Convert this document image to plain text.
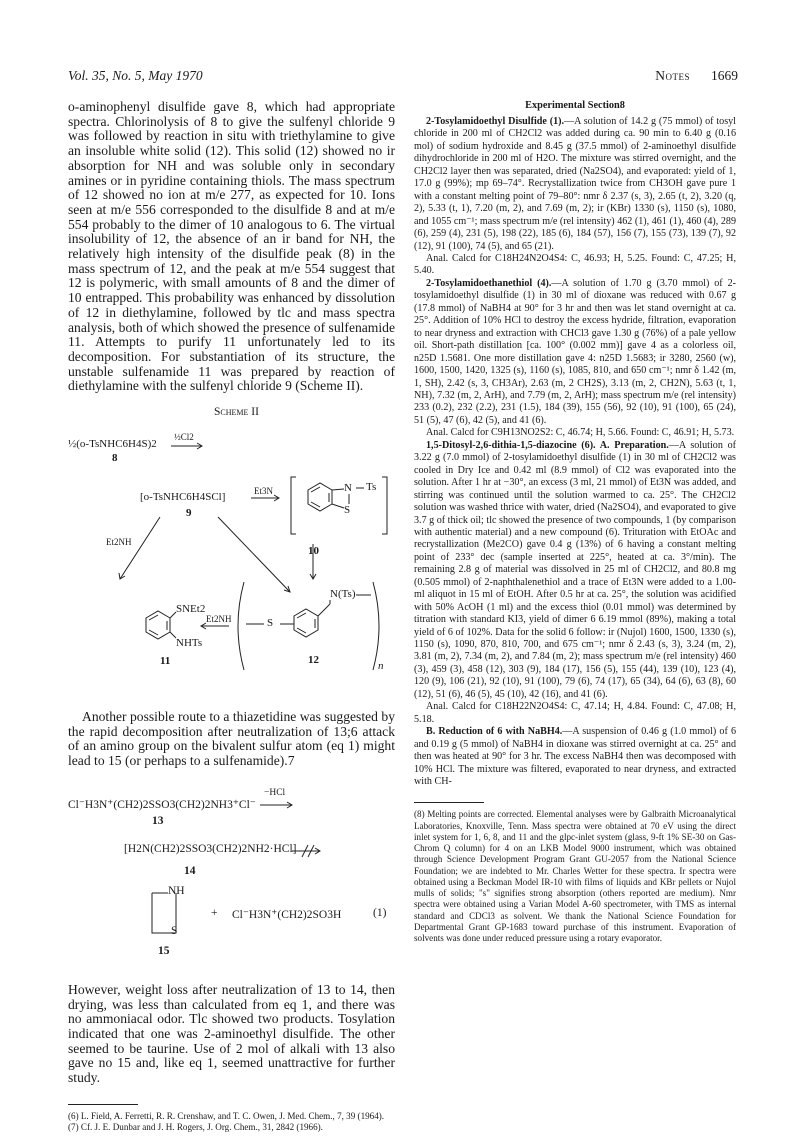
Vol. 35, No. 5, May 1970	Notes 1669

o-aminophenyl disulfide gave 8, which had appropriate spectra. Chlorinolysis of 8 to give the sulfenyl chloride 9 was followed by reaction in situ with triethylamine to give an insoluble white solid (12). This solid (12) showed no ir absorption for NH and was soluble only in secondary amines or in pyridine containing thiols. The mass spectrum of 12 showed no ion at m/e 277, as expected for 10. Ions seen at m/e 556 corresponded to the disulfide 8 and at m/e 554 probably to the dimer of 10 analogous to 6. The virtual insolubility of 12, the absence of an ir band for NH, the relatively high intensity of the disulfide peak (8) in the mass spectrum of 12, and the peak at m/e 554 suggest that 12 is polymeric, with small amounts of 8 and the dimer of 10 entrapped. This probability was enhanced by dissolution of 12 in diethylamine, followed by tlc and mass spectra analysis, both of which showed the presence of sulfenamide 11. Attempts to purify 11 unfortunately led to its decomposition. For substantiation of its structure, the unstable sulfenamide 11 was prepared by reaction of diethylamine with the sulfenyl chloride 9 (Scheme II).

Scheme II
½(o-TsNHC6H4S)2
8
½Cl2
[o-TsNHC6H4SCl]
9
Et3N	N Ts
S
10
Et2NH
Et2NH
SNEt2
NHTs
11
N(Ts)
S
n
12

Another possible route to a thiazetidine was suggested by the rapid decomposition after neutralization of 13;6 attack of an amino group on the bivalent sulfur atom (eq 1) might lead to 15 (or perhaps to a sulfenamide).7

Cl⁻H3N⁺(CH2)2SSO3(CH2)2NH3⁺Cl⁻
−HCl
13
[H2N(CH2)2SSO3(CH2)2NH2·HCl]
14
NH
S
+ Cl⁻H3N⁺(CH2)2SO3H	(1)
15

However, weight loss after neutralization of 13 to 14, then drying, was less than calculated from eq 1, and there was no ammoniacal odor. Tlc showed two products. Tosylation indicated that one was 2-aminoethyl disulfide. The other seemed to be taurine. Use of 2 mol of alkali with 13 also gave no 15 and, like eq 1, seemed unattractive for further study.

(6) L. Field, A. Ferretti, R. R. Crenshaw, and T. C. Owen, J. Med. Chem., 7, 39 (1964).

(7) Cf. J. E. Dunbar and J. H. Rogers, J. Org. Chem., 31, 2842 (1966).

Experimental Section8

2-Tosylamidoethyl Disulfide (1).—A solution of 14.2 g (75 mmol) of tosyl chloride in 200 ml of CH2Cl2 was added during ca. 90 min to 6.40 g (0.16 mol) of sodium hydroxide and 8.45 g (37.5 mmol) of 2-aminoethyl disulfide dihydrochloride in 200 ml of H2O. The mixture was stirred overnight, and the CH2Cl2 layer then was separated, dried (Na2SO4), and evaporated: yield of 1, 17.0 g (99%); mp 69–74°. Recrystallization twice from CH3OH gave pure 1 with a constant melting point of 79–80°: nmr δ 2.37 (s, 3), 2.65 (t, 2), 3.20 (q, 2), 5.33 (t, 1), 7.20 (m, 2), and 7.69 (m, 2); ir (KBr) 1330 (s), 1150 (s), 1080, and 1055 cm⁻¹; mass spectrum m/e (rel intensity) 462 (1), 461 (1), 460 (4), 289 (6), 259 (4), 231 (5), 198 (22), 185 (6), 184 (57), 156 (7), 155 (73), 139 (7), 92 (12), 91 (100), 74 (5), and 65 (21).

Anal. Calcd for C18H24N2O4S4: C, 46.93; H, 5.25. Found: C, 47.25; H, 5.40.

2-Tosylamidoethanethiol (4).—A solution of 1.70 g (3.70 mmol) of 2-tosylamidoethyl disulfide (1) in 30 ml of dioxane was reduced with 0.67 g (17.8 mmol) of NaBH4 at 90° for 3 hr and then was let stand overnight at ca. 25°. Addition of 10% HCl to destroy the excess hydride, filtration, evaporation to near dryness and extraction with CHCl3 gave 1.30 g (76%) of a pale yellow oil. Short-path distillation [ca. 100° (0.002 mm)] gave 4 as a colorless oil, n25D 1.5681. One more distillation gave 4: n25D 1.5683; ir 3280, 2560 (w), 1600, 1500, 1420, 1325 (s), 1160 (s), 1085, 810, and 650 cm⁻¹; nmr δ 1.42 (m, 1, SH), 2.42 (s, 3, CH3Ar), 2.63 (m, 2 CH2S), 3.13 (m, 2, CH2N), 5.63 (t, 1, NH), 7.32 (m, 2, ArH), and 7.79 (m, 2, ArH); mass spectrum m/e (rel intensity) 233 (0.2), 232 (2.2), 231 (1.5), 184 (39), 155 (56), 92 (10), 91 (100), 65 (24), 51 (5), 47 (6), 42 (5), and 41 (6).

Anal. Calcd for C9H13NO2S2: C, 46.74; H, 5.66. Found: C, 46.91; H, 5.73.

1,5-Ditosyl-2,6-dithia-1,5-diazocine (6). A. Preparation.—A solution of 3.22 g (7.0 mmol) of 2-tosylamidoethyl disulfide (1) in 30 ml of CH2Cl2 was cooled in Dry Ice and 0.42 ml (8.9 mmol) of Cl2 was evaporated into the solution. After 1 hr at −30°, an excess (3 ml, 21 mmol) of Et3N was added, and stirring was continued until the solution warmed to ca. 25°. The CH2Cl2 solution was washed thrice with water, dried (Na2SO4), and evaporated to give 3.7 g of thick oil; tlc showed the presence of two compounds, 1 (by comparison with authentic material) and a new compound (6). Trituration with EtOAc and recrystallization (Me2CO) gave 0.4 g (13%) of 6 having a constant melting point of 233° dec (sample inserted at 225°, heated at ca. 3°/min). The remaining 2.8 g of material was dissolved in 25 ml of CH2Cl2, and 80.8 mg (0.505 mmol) of 2-naphthalenethiol and a trace of Et3N were added to a 1.00-ml aliquot in 15 ml of EtOH. After 0.5 hr at ca. 25°, the solution was acidified with 50% AcOH (1 ml) and the excess thiol (0.01 mmol) was determined by titration with standard KI3, yield of dimer 6 6.19 mmol (89%), making a total yield of 6 of 102%. Data for the solid 6 follow: ir (Nujol) 1600, 1500, 1330 (s), 1150 (s), 1090, 870, 810, 700, and 675 cm⁻¹; nmr δ 2.43 (s, 3), 3.24 (m, 2), 3.81 (m, 2), 7.34 (m, 2), and 7.84 (m, 2); mass spectrum m/e (rel intensity) 460 (3), 459 (3), 458 (12), 303 (9), 184 (17), 156 (5), 155 (44), 139 (10), 123 (4), 120 (9), 106 (21), 92 (10), 91 (100), 79 (6), 74 (17), 65 (34), 64 (6), 63 (8), 60 (12), 51 (6), 46 (5), 45 (10), 42 (16), and 41 (6).

Anal. Calcd for C18H22N2O4S4: C, 47.14; H, 4.84. Found: C, 47.08; H, 5.18.

B. Reduction of 6 with NaBH4.—A suspension of 0.46 g (1.0 mmol) of 6 and 0.19 g (5 mmol) of NaBH4 in dioxane was stirred overnight at ca. 25° and then was heated at 90° for 3 hr. The excess NaBH4 then was decomposed with 10% HCl. The mixture was filtered, evaporated to near dryness, and extracted with CH-

(8) Melting points are corrected. Elemental analyses were by Galbraith Microanalytical Laboratories, Knoxville, Tenn. Mass spectra were obtained at 70 eV using the direct inlet system for 1, 6, 8, and 11 and the glpc-inlet system (glass, 9-ft 1% SE-30 on Gas-Chrom Q column) for 4 on an LKB Model 9000 instrument, which was obtained through Science Development Program Grant GU-2057 from the National Science Foundation; we are indebted to Mr. Charles Wetter for these spectra. Ir spectra were obtained using a Beckman Model IR-10 with films of liquids and KBr pellets or Nujol mulls of solids; "s" signifies strong absorption (others reported are medium). Nmr spectra were obtained using a Varian Model A-60 spectrometer, with TMS as internal standard and CDCl3 as solvent. We thank the National Science Foundation for Departmental Grant GP-1683 toward purchase of this instrument. Evaporation of solvents was done under reduced pressure using a rotary evaporator.
